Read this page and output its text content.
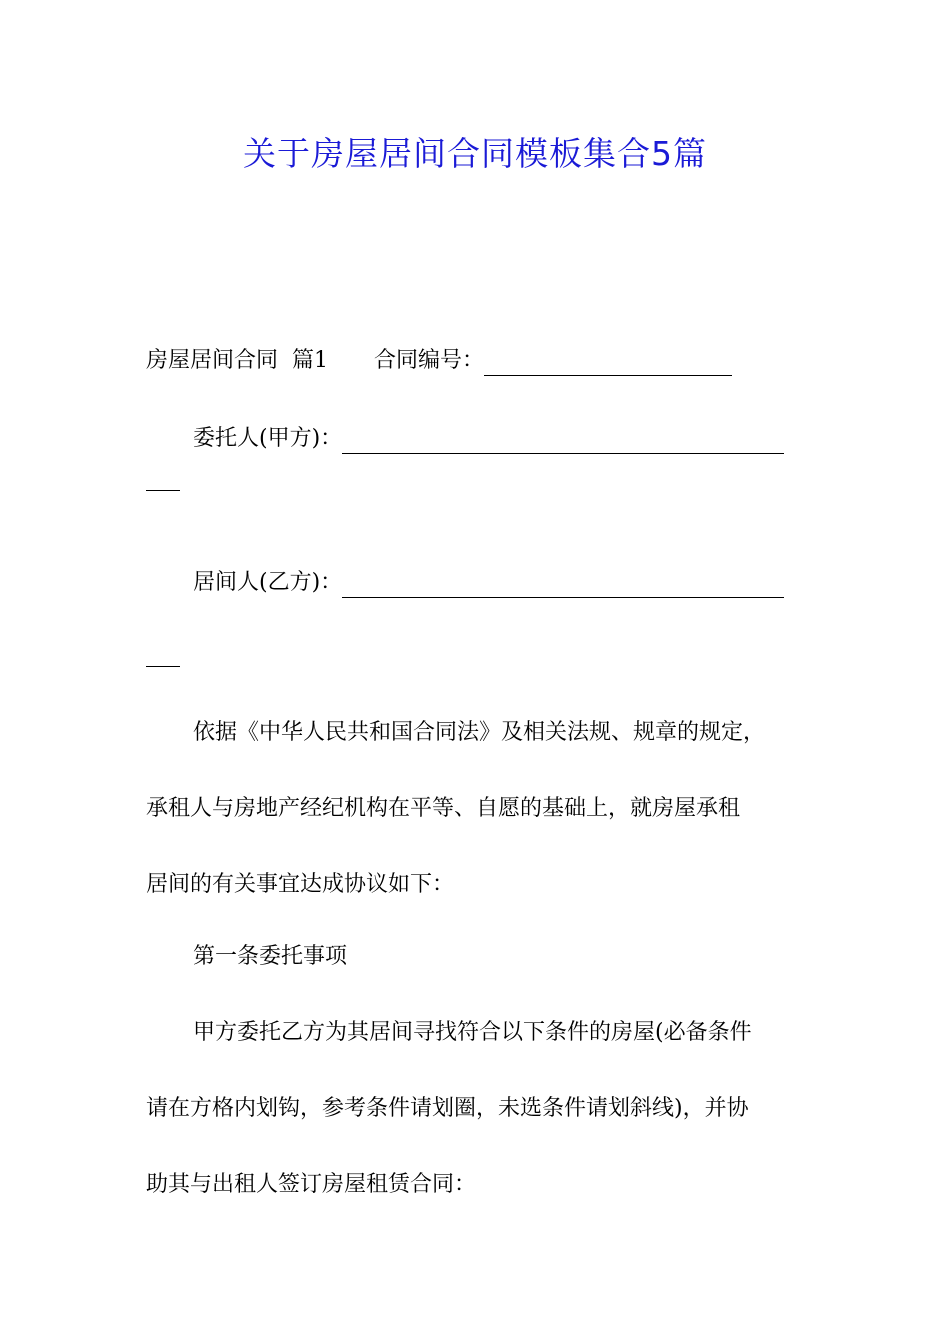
关于房屋居间合同模板集合5篇
房屋居间合同 篇1 合同编号：
委托人(甲方)：
居间人(乙方)：
依据《中华人民共和国合同法》及相关法规、规章的规定，
承租人与房地产经纪机构在平等、自愿的基础上，就房屋承租
居间的有关事宜达成协议如下：
第一条委托事项
甲方委托乙方为其居间寻找符合以下条件的房屋(必备条件
请在方格内划钩，参考条件请划圈，未选条件请划斜线)，并协
助其与出租人签订房屋租赁合同：
